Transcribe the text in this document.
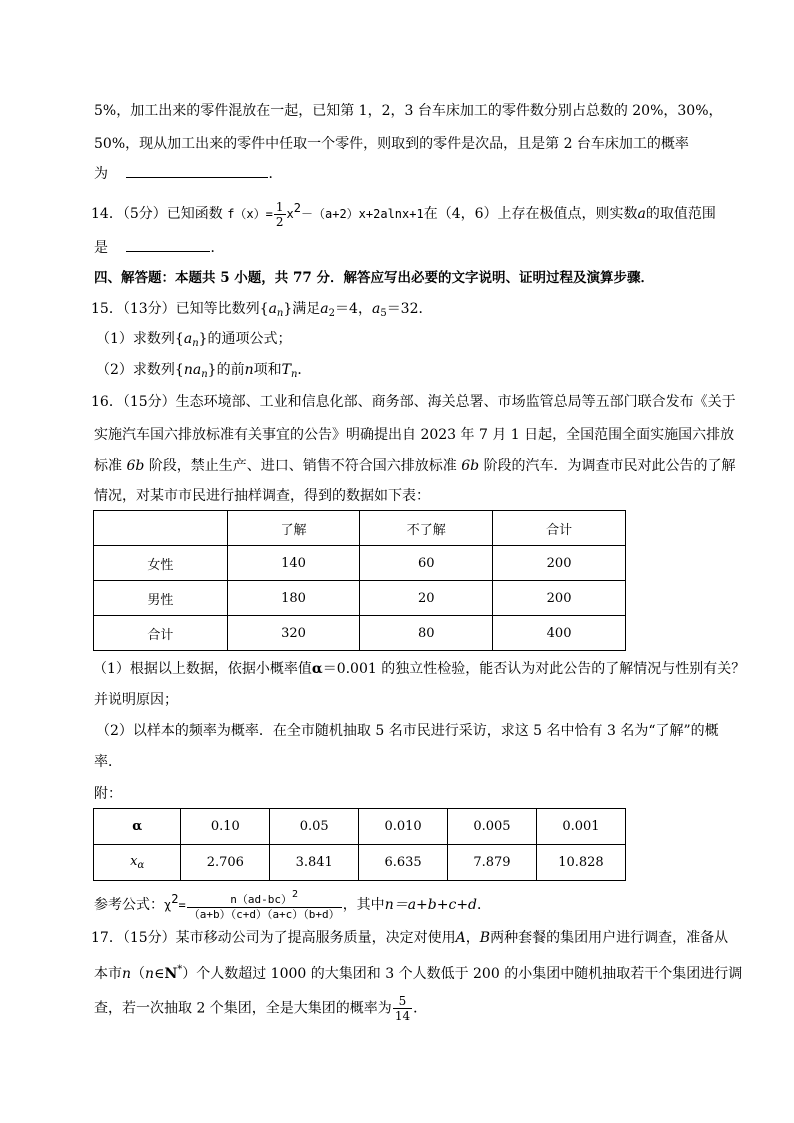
5%，加工出来的零件混放在一起，已知第 1，2，3 台车床加工的零件数分别占总数的 20%，30%，
50%，现从加工出来的零件中任取一个零件，则取到的零件是次品，且是第 2 台车床加工的概率
为	．
14．（5分）已知函数 $f(x)= \frac{1}{2} x2-(a+2)x+2alnx+1$在（4，6）上存在极值点，则实数a的取值范围
是	．
四、解答题：本题共 5 小题，共 77 分．解答应写出必要的文字说明、证明过程及演算步骤．
15．（13分）已知等比数列$\{a_n\}$满足$a_2=4$，$a_5=32$．
（1）求数列$\{a_n\}$的通项公式；
（2）求数列$\{na_n\}$的前n项和$T_n$．
16．（15分）生态环境部、工业和信息化部、商务部、海关总署、市场监管总局等五部门联合发布《关于
实施汽车国六排放标准有关事宜的公告》明确提出自 2023 年 7 月 1 日起，全国范围全面实施国六排放
标准 6b 阶段，禁止生产、进口、销售不符合国六排放标准 6b 阶段的汽车．为调查市民对此公告的了解
情况，对某市市民进行抽样调查，得到的数据如下表：
	了解	不了解	合计
女性	140	60	200
男性	180	20	200
合计	320	80	400
（1）根据以上数据，依据小概率值α＝0.001 的独立性检验，能否认为对此公告的了解情况与性别有关？
并说明原因；
（2）以样本的频率为概率．在全市随机抽取 5 名市民进行采访，求这 5 名中恰有 3 名为“了解”的概
率．
附：
α	0.10	0.05	0.010	0.005	0.001
$x_\alpha$	2.706	3.841	6.635	7.879	10.828
参考公式：$\chi 2= \frac{n(ad-bc)2}{(a+b)(c+d)(a+c)(b+d)}$ ，其中n＝a+b+c+d．
17．（15分）某市移动公司为了提高服务质量，决定对使用A，B两种套餐的集团用户进行调查，准备从
本市n（n∈N*）个人数超过 1000 的大集团和 3 个人数低于 200 的小集团中随机抽取若干个集团进行调
查，若一次抽取 2 个集团，全是大集团的概率为 $\frac{5}{14}$ ．
